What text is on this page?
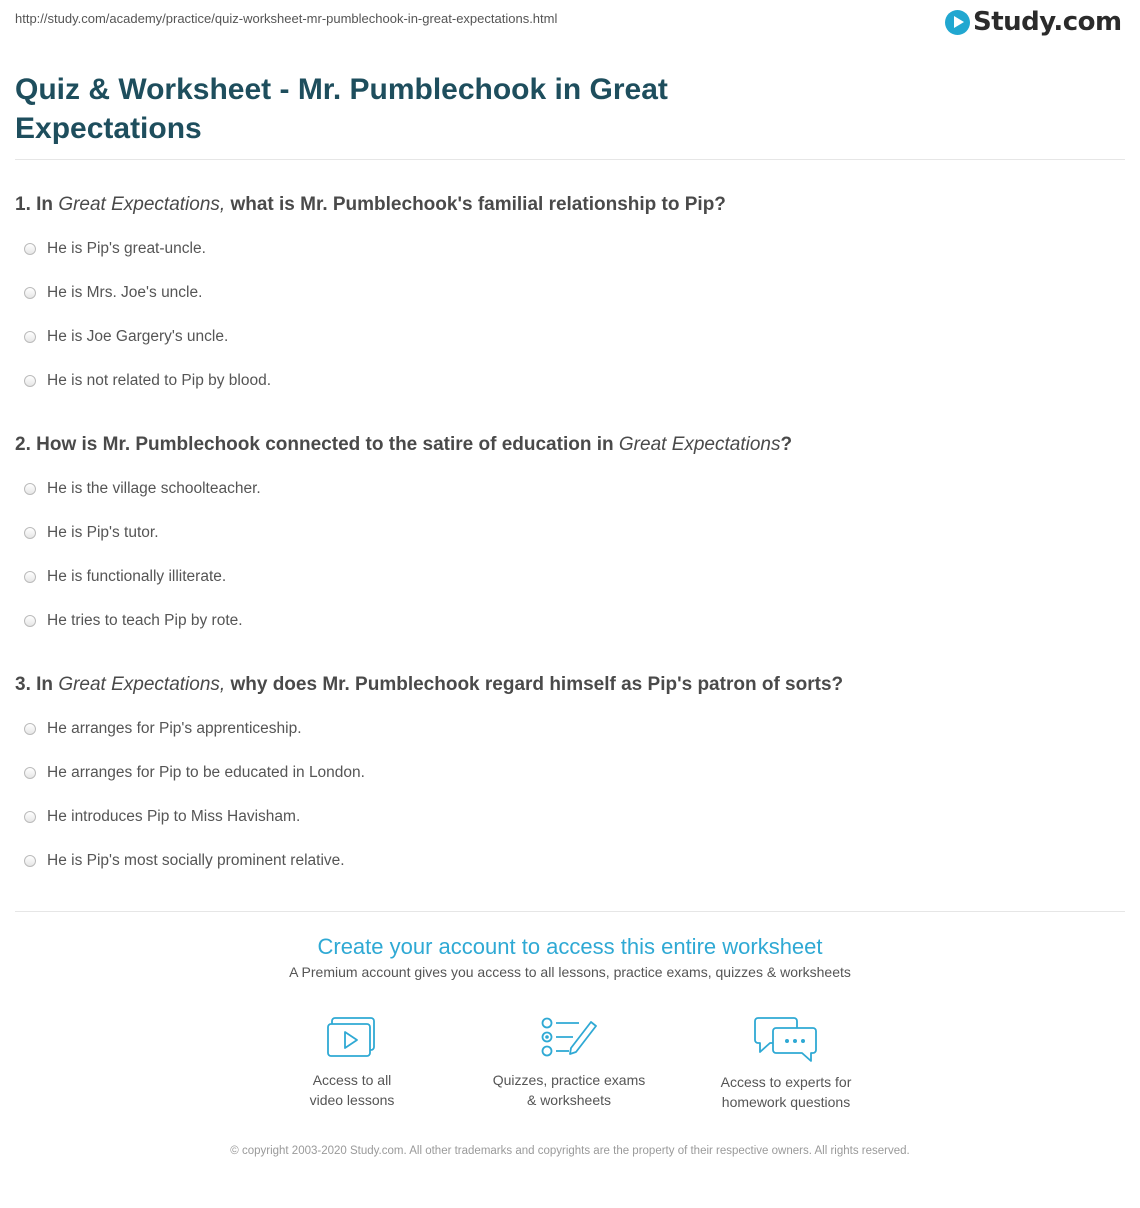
http://study.com/academy/practice/quiz-worksheet-mr-pumblechook-in-great-expectations.html	Study.com
Quiz & Worksheet - Mr. Pumblechook in Great Expectations
1. In Great Expectations, what is Mr. Pumblechook's familial relationship to Pip?
He is Pip's great-uncle.
He is Mrs. Joe's uncle.
He is Joe Gargery's uncle.
He is not related to Pip by blood.
2. How is Mr. Pumblechook connected to the satire of education in Great Expectations?
He is the village schoolteacher.
He is Pip's tutor.
He is functionally illiterate.
He tries to teach Pip by rote.
3. In Great Expectations, why does Mr. Pumblechook regard himself as Pip's patron of sorts?
He arranges for Pip's apprenticeship.
He arranges for Pip to be educated in London.
He introduces Pip to Miss Havisham.
He is Pip's most socially prominent relative.
Create your account to access this entire worksheet
A Premium account gives you access to all lessons, practice exams, quizzes & worksheets
Access to all
video lessons
Quizzes, practice exams
& worksheets
Access to experts for
homework questions
© copyright 2003-2020 Study.com. All other trademarks and copyrights are the property of their respective owners. All rights reserved.
